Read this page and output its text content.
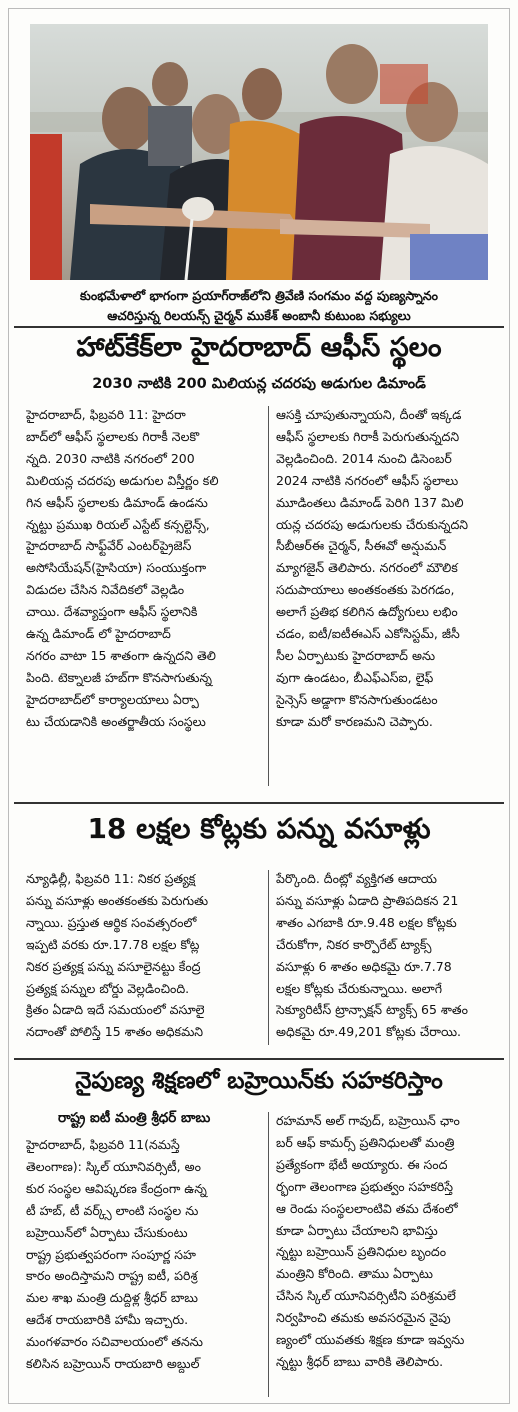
కుంభమేళాలో భాగంగా ప్రయాగ్‌రాజ్‌లోని త్రివేణి సంగమం వద్ద పుణ్యస్నానం
ఆచరిస్తున్న రిలయన్స్ చైర్మన్ ముకేశ్ అంబానీ కుటుంబ సభ్యులు
హాట్‌కేక్‌లా హైదరాబాద్ ఆఫీస్ స్థలం
2030 నాటికి 200 మిలియన్ల చదరపు అడుగుల డిమాండ్

హైదరాబాద్, ఫిబ్రవరి 11: హైదరా

బాద్‌లో ఆఫీస్ స్థలాలకు గిరాకీ నెలకొ

న్నది. 2030 నాటికి నగరంలో 200

మిలియన్ల చదరపు అడుగుల విస్తీర్ణం కలి

గిన ఆఫీస్ స్థలాలకు డిమాండ్ ఉండను

న్నట్టు ప్రముఖ రియల్ ఎస్టేట్ కన్సల్టెన్స్,

హైదరాబాద్ సాఫ్ట్‌వేర్ ఎంటర్‌ప్రైజెస్

అసోసియేషన్(హైసియా) సంయుక్తంగా

విడుదల చేసిన నివేదికలో వెల్లడిం

చాయి. దేశవ్యాప్తంగా ఆఫీస్ స్థలానికి

ఉన్న డిమాండ్ లో హైదరాబాద్

నగరం వాటా 15 శాతంగా ఉన్నదని తెలి

పింది. టెక్నాలజీ హబ్‌గా కొనసాగుతున్న

హైదరాబాద్‌లో కార్యాలయాలు ఏర్పా

టు చేయడానికి అంతర్జాతీయ సంస్థలు

ఆసక్తి చూపుతున్నాయని, దీంతో ఇక్కడ

ఆఫీస్ స్థలాలకు గిరాకీ పెరుగుతున్నదని

వెల్లడించింది. 2014 నుంచి డిసెంబర్

2024 నాటికి నగరంలో ఆఫీస్ స్థలాలు

మూడింతలు డిమాండ్ పెరిగి 137 మిలి

యన్ల చదరపు అడుగులకు చేరుకున్నదని

సీబీఆర్‌ఈ చైర్మన్, సీఈవో అన్షుమన్

మ్యాగజైన్ తెలిపారు. నగరంలో మౌలిక

సదుపాయాలు అంతకంతకు పెరగడం,

అలాగే ప్రతిభ కలిగిన ఉద్యోగులు లభిం

చడం, ఐటీ/ఐటీఈఎస్ ఎకోసిస్టమ్, జీసీ

సీల ఏర్పాటుకు హైదరాబాద్ అను

వుగా ఉండటం, బీఎఫ్‌ఎస్‌ఐ, లైఫ్

సైన్సెస్ అడ్డాగా కొనసాగుతుండటం

కూడా మరో కారణమని చెప్పారు.

18 లక్షల కోట్లకు పన్ను వసూళ్లు

న్యూఢిల్లీ, ఫిబ్రవరి 11: నికర ప్రత్యక్ష

పన్ను వసూళ్లు అంతకంతకు పెరుగుతు

న్నాయి. ప్రస్తుత ఆర్థిక సంవత్సరంలో

ఇప్పటి వరకు రూ.17.78 లక్షల కోట్ల

నికర ప్రత్యక్ష పన్ను వసూలైనట్టు కేంద్ర

ప్రత్యక్ష పన్నుల బోర్డు వెల్లడించింది.

క్రితం ఏడాది ఇదే సమయంలో వసూలై

నదాంతో పోలిస్తే 15 శాతం అధికమని

పేర్కొంది. దీంట్లో వ్యక్తిగత ఆదాయ

పన్ను వసూళ్లు ఏడాది ప్రాతిపదికన 21

శాతం ఎగబాకి రూ.9.48 లక్షల కోట్లకు

చేరుకోగా, నికర కార్పొరేట్ ట్యాక్స్

వసూళ్లు 6 శాతం అధికమై రూ.7.78

లక్షల కోట్లకు చేరుకున్నాయి. అలాగే

సెక్యూరిటీస్ ట్రాన్సాక్షన్ ట్యాక్స్ 65 శాతం

అధికమై రూ.49,201 కోట్లకు చేరాయి.

నైపుణ్య శిక్షణలో బహ్రెయిన్‌కు సహకరిస్తాం
రాష్ట్ర ఐటీ మంత్రి శ్రీధర్ బాబు

హైదరాబాద్, ఫిబ్రవరి 11(నమస్తే

తెలంగాణ): స్కిల్ యూనివర్సిటీ, అం

కుర సంస్థల ఆవిష్కరణ కేంద్రంగా ఉన్న

టీ హబ్, టీ వర్క్స్ లాంటి సంస్థల ను

బహ్రెయిన్‌లో ఏర్పాటు చేసుకుంటు

రాష్ట్ర ప్రభుత్వపరంగా సంపూర్ణ సహ

కారం అందిస్తామని రాష్ట్ర ఐటీ, పరిశ్ర

మల శాఖ మంత్రి దుద్దిళ్ల శ్రీధర్ బాబు

ఆదేశ రాయబారికి హామీ ఇచ్చారు.

మంగళవారం సచివాలయంలో తనను

కలిసిన బహ్రెయిన్ రాయబారి అబ్దుల్

రహమాన్ అల్ గావుద్, బహ్రెయిన్ ఛాం

బర్ ఆఫ్ కామర్స్ ప్రతినిధులతో మంత్రి

ప్రత్యేకంగా భేటీ అయ్యారు. ఈ సంద

ర్భంగా తెలంగాణ ప్రభుత్వం సహకరిస్తే

ఆ రెండు సంస్థలలాంటివి తమ దేశంలో

కూడా ఏర్పాటు చేయాలని భావిస్తు

న్నట్టు బహ్రెయిన్ ప్రతినిధుల బృందం

మంత్రిని కోరింది. తాము ఏర్పాటు

చేసిన స్కిల్ యూనివర్సిటీని పరిశ్రమలే

నిర్వహించి తమకు అవసరమైన నైపు

ణ్యంలో యువతకు శిక్షణ కూడా ఇవ్వను

న్నట్టు శ్రీధర్ బాబు వారికి తెలిపారు.
